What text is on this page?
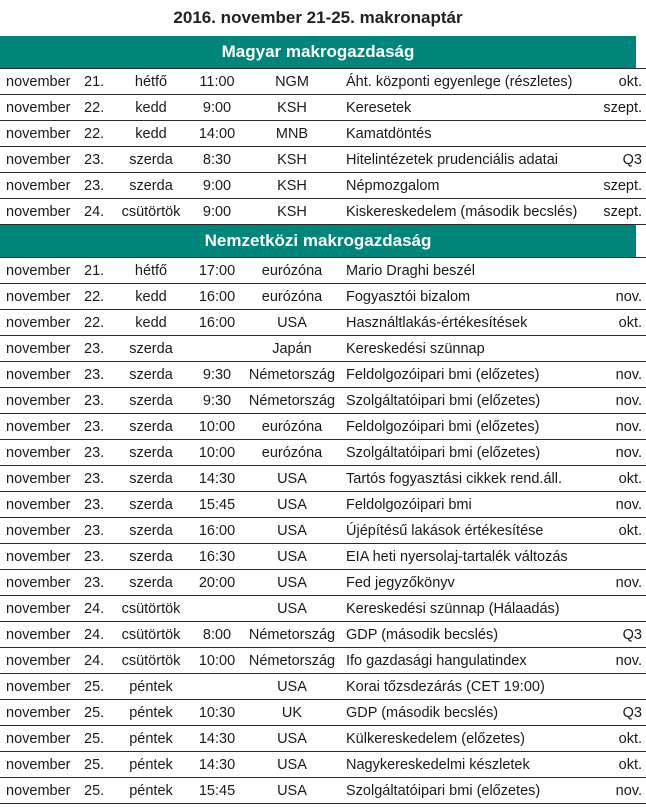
2016. november 21-25. makronaptár
Magyar makrogazdaság
november	21.	hétfő	11:00	NGM	Áht. központi egyenlege (részletes)	okt.
november	22.	kedd	9:00	KSH	Keresetek	szept.
november	22.	kedd	14:00	MNB	Kamatdöntés	
november	23.	szerda	8:30	KSH	Hitelintézetek prudenciális adatai	Q3
november	23.	szerda	9:00	KSH	Népmozgalom	szept.
november	24.	csütörtök	9:00	KSH	Kiskereskedelem (második becslés)	szept.
Nemzetközi makrogazdaság
november	21.	hétfő	17:00	eurózóna	Mario Draghi beszél	
november	22.	kedd	16:00	eurózóna	Fogyasztói bizalom	nov.
november	22.	kedd	16:00	USA	Használtlakás-értékesítések	okt.
november	23.	szerda		Japán	Kereskedési szünnap	
november	23.	szerda	9:30	Németország	Feldolgozóipari bmi (előzetes)	nov.
november	23.	szerda	9:30	Németország	Szolgáltatóipari bmi (előzetes)	nov.
november	23.	szerda	10:00	eurózóna	Feldolgozóipari bmi (előzetes)	nov.
november	23.	szerda	10:00	eurózóna	Szolgáltatóipari bmi (előzetes)	nov.
november	23.	szerda	14:30	USA	Tartós fogyasztási cikkek rend.áll.	okt.
november	23.	szerda	15:45	USA	Feldolgozóipari bmi	nov.
november	23.	szerda	16:00	USA	Újépítésű lakások értékesítése	okt.
november	23.	szerda	16:30	USA	EIA heti nyersolaj-tartalék változás	
november	23.	szerda	20:00	USA	Fed jegyzőkönyv	nov.
november	24.	csütörtök		USA	Kereskedési szünnap (Hálaadás)	
november	24.	csütörtök	8:00	Németország	GDP (második becslés)	Q3
november	24.	csütörtök	10:00	Németország	Ifo gazdasági hangulatindex	nov.
november	25.	péntek		USA	Korai tőzsdezárás (CET 19:00)	
november	25.	péntek	10:30	UK	GDP (második becslés)	Q3
november	25.	péntek	14:30	USA	Külkereskedelem (előzetes)	okt.
november	25.	péntek	14:30	USA	Nagykereskedelmi készletek	okt.
november	25.	péntek	15:45	USA	Szolgáltatóipari bmi (előzetes)	nov.
